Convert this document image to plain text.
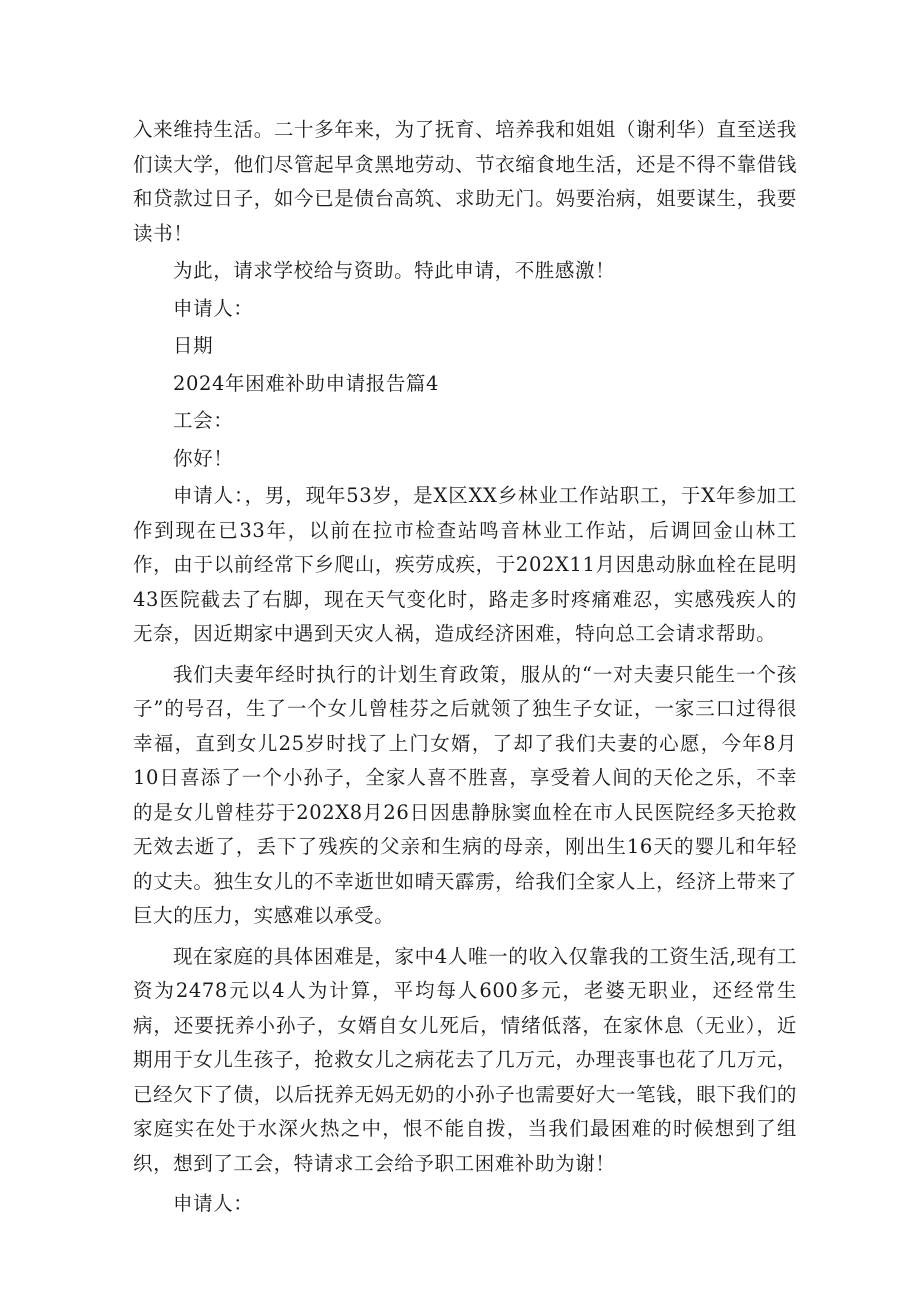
入来维持生活。二十多年来，为了抚育、培养我和姐姐（谢利华）直至送我们读大学，他们尽管起早贪黑地劳动、节衣缩食地生活，还是不得不靠借钱和贷款过日子，如今已是债台高筑、求助无门。妈要治病，姐要谋生，我要读书！

为此，请求学校给与资助。特此申请，不胜感激！

申请人：

日期

2024年困难补助申请报告篇4

工会：

你好！

申请人：，男，现年53岁，是X区XX乡林业工作站职工，于X年参加工作到现在已33年，以前在拉市检查站鸣音林业工作站，后调回金山林工作，由于以前经常下乡爬山，疾劳成疾，于202X11月因患动脉血栓在昆明43医院截去了右脚，现在天气变化时，路走多时疼痛难忍，实感残疾人的无奈，因近期家中遇到天灾人祸，造成经济困难，特向总工会请求帮助。

我们夫妻年经时执行的计划生育政策，服从的“一对夫妻只能生一个孩子”的号召，生了一个女儿曾桂芬之后就领了独生子女证，一家三口过得很幸福，直到女儿25岁时找了上门女婿，了却了我们夫妻的心愿，今年8月10日喜添了一个小孙子，全家人喜不胜喜，享受着人间的天伦之乐，不幸的是女儿曾桂芬于202X8月26日因患静脉窦血栓在市人民医院经多天抢救无效去逝了，丢下了残疾的父亲和生病的母亲，刚出生16天的婴儿和年轻的丈夫。独生女儿的不幸逝世如晴天霹雳，给我们全家人上，经济上带来了巨大的压力，实感难以承受。

现在家庭的具体困难是，家中4人唯一的收入仅靠我的工资生活,现有工资为2478元以4人为计算，平均每人600多元，老婆无职业，还经常生病，还要抚养小孙子，女婿自女儿死后，情绪低落，在家休息（无业），近期用于女儿生孩子，抢救女儿之病花去了几万元，办理丧事也花了几万元，已经欠下了债，以后抚养无妈无奶的小孙子也需要好大一笔钱，眼下我们的家庭实在处于水深火热之中，恨不能自拨，当我们最困难的时候想到了组织，想到了工会，特请求工会给予职工困难补助为谢！

申请人：
